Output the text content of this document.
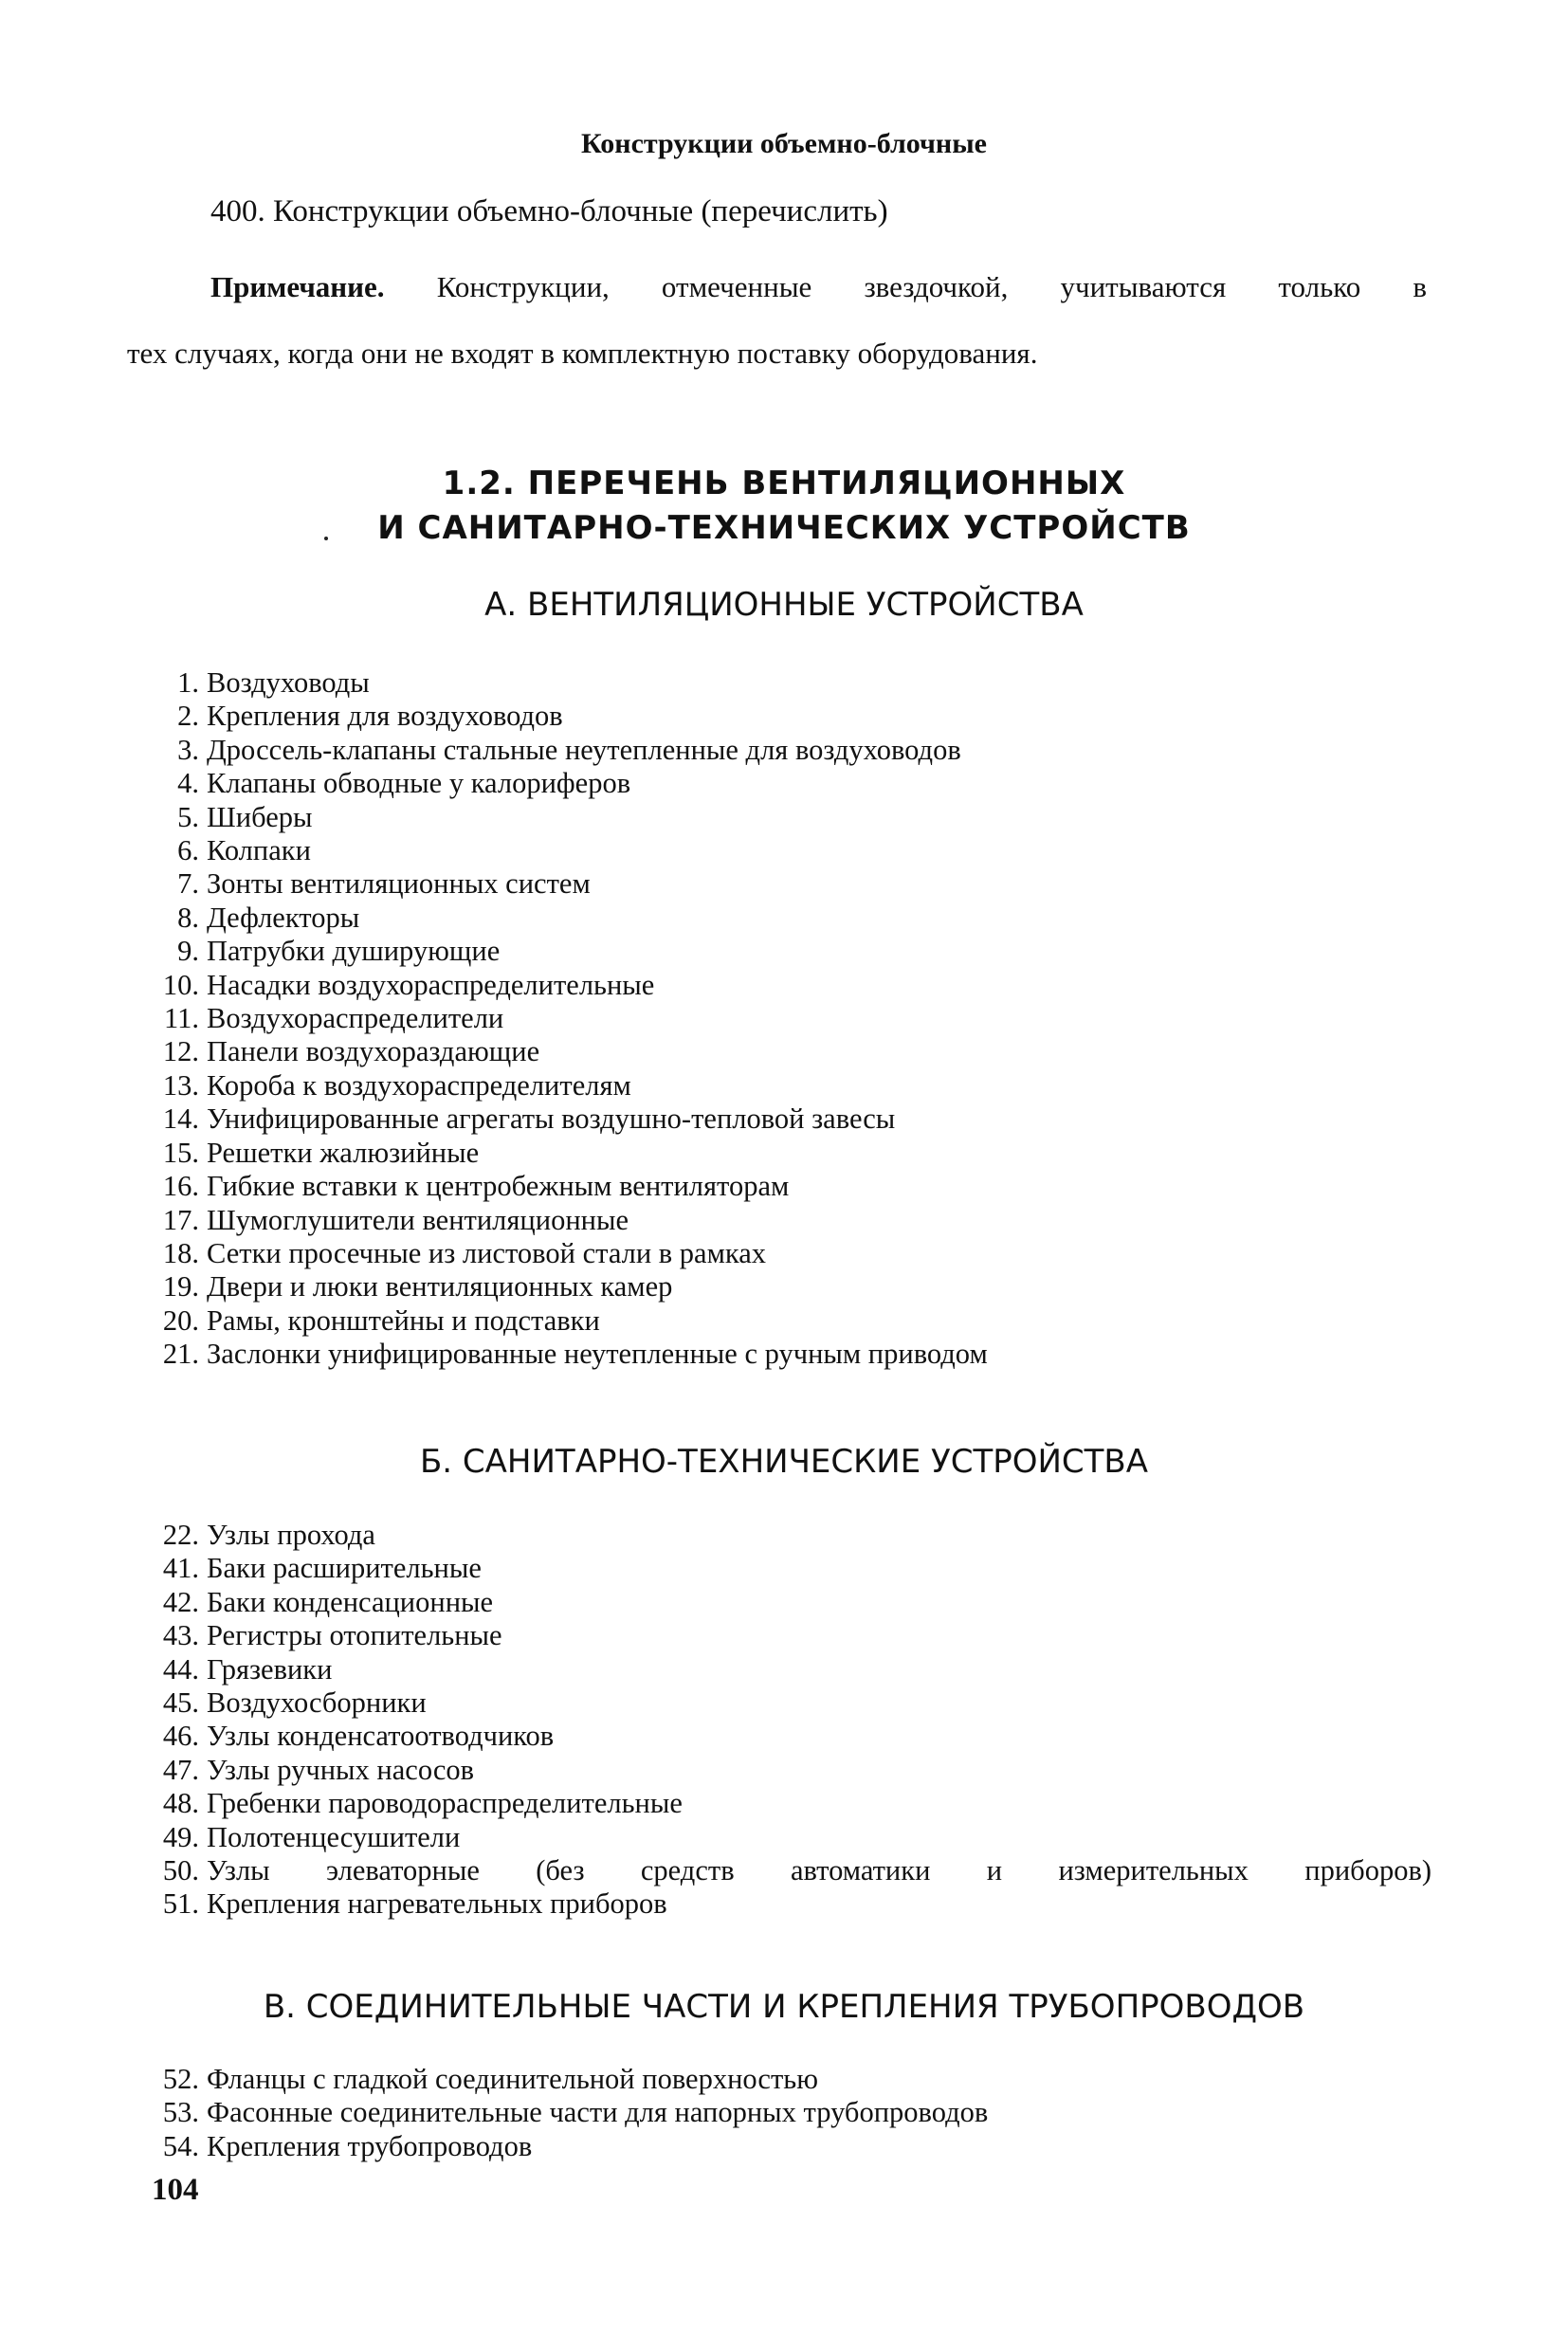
Конструкции объемно-блочные
400. Конструкции объемно-блочные (перечислить)
Примечание. Конструкции, отмеченные звездочкой, учитываются только в
тех случаях, когда они не входят в комплектную поставку оборудования.
1.2. ПЕРЕЧЕНЬ ВЕНТИЛЯЦИОННЫХ
И САНИТАРНО-ТЕХНИЧЕСКИХ УСТРОЙСТВ
А. ВЕНТИЛЯЦИОННЫЕ УСТРОЙСТВА
1. Воздуховоды
2. Крепления для воздуховодов
3. Дроссель-клапаны стальные неутепленные для воздуховодов
4. Клапаны обводные у калориферов
5. Шиберы
6. Колпаки
7. Зонты вентиляционных систем
8. Дефлекторы
9. Патрубки душирующие
10. Насадки воздухораспределительные
11. Воздухораспределители
12. Панели воздухораздающие
13. Короба к воздухораспределителям
14. Унифицированные агрегаты воздушно-тепловой завесы
15. Решетки жалюзийные
16. Гибкие вставки к центробежным вентиляторам
17. Шумоглушители вентиляционные
18. Сетки просечные из листовой стали в рамках
19. Двери и люки вентиляционных камер
20. Рамы, кронштейны и подставки
21. Заслонки унифицированные неутепленные с ручным приводом
Б. САНИТАРНО-ТЕХНИЧЕСКИЕ УСТРОЙСТВА
22. Узлы прохода
41. Баки расширительные
42. Баки конденсационные
43. Регистры отопительные
44. Грязевики
45. Воздухосборники
46. Узлы конденсатоотводчиков
47. Узлы ручных насосов
48. Гребенки пароводораспределительные
49. Полотенцесушители
50. Узлы элеваторные (без средств автоматики и измерительных приборов)
51. Крепления нагревательных приборов
В. СОЕДИНИТЕЛЬНЫЕ ЧАСТИ И КРЕПЛЕНИЯ ТРУБОПРОВОДОВ
52. Фланцы с гладкой соединительной поверхностью
53. Фасонные соединительные части для напорных трубопроводов
54. Крепления трубопроводов
104
